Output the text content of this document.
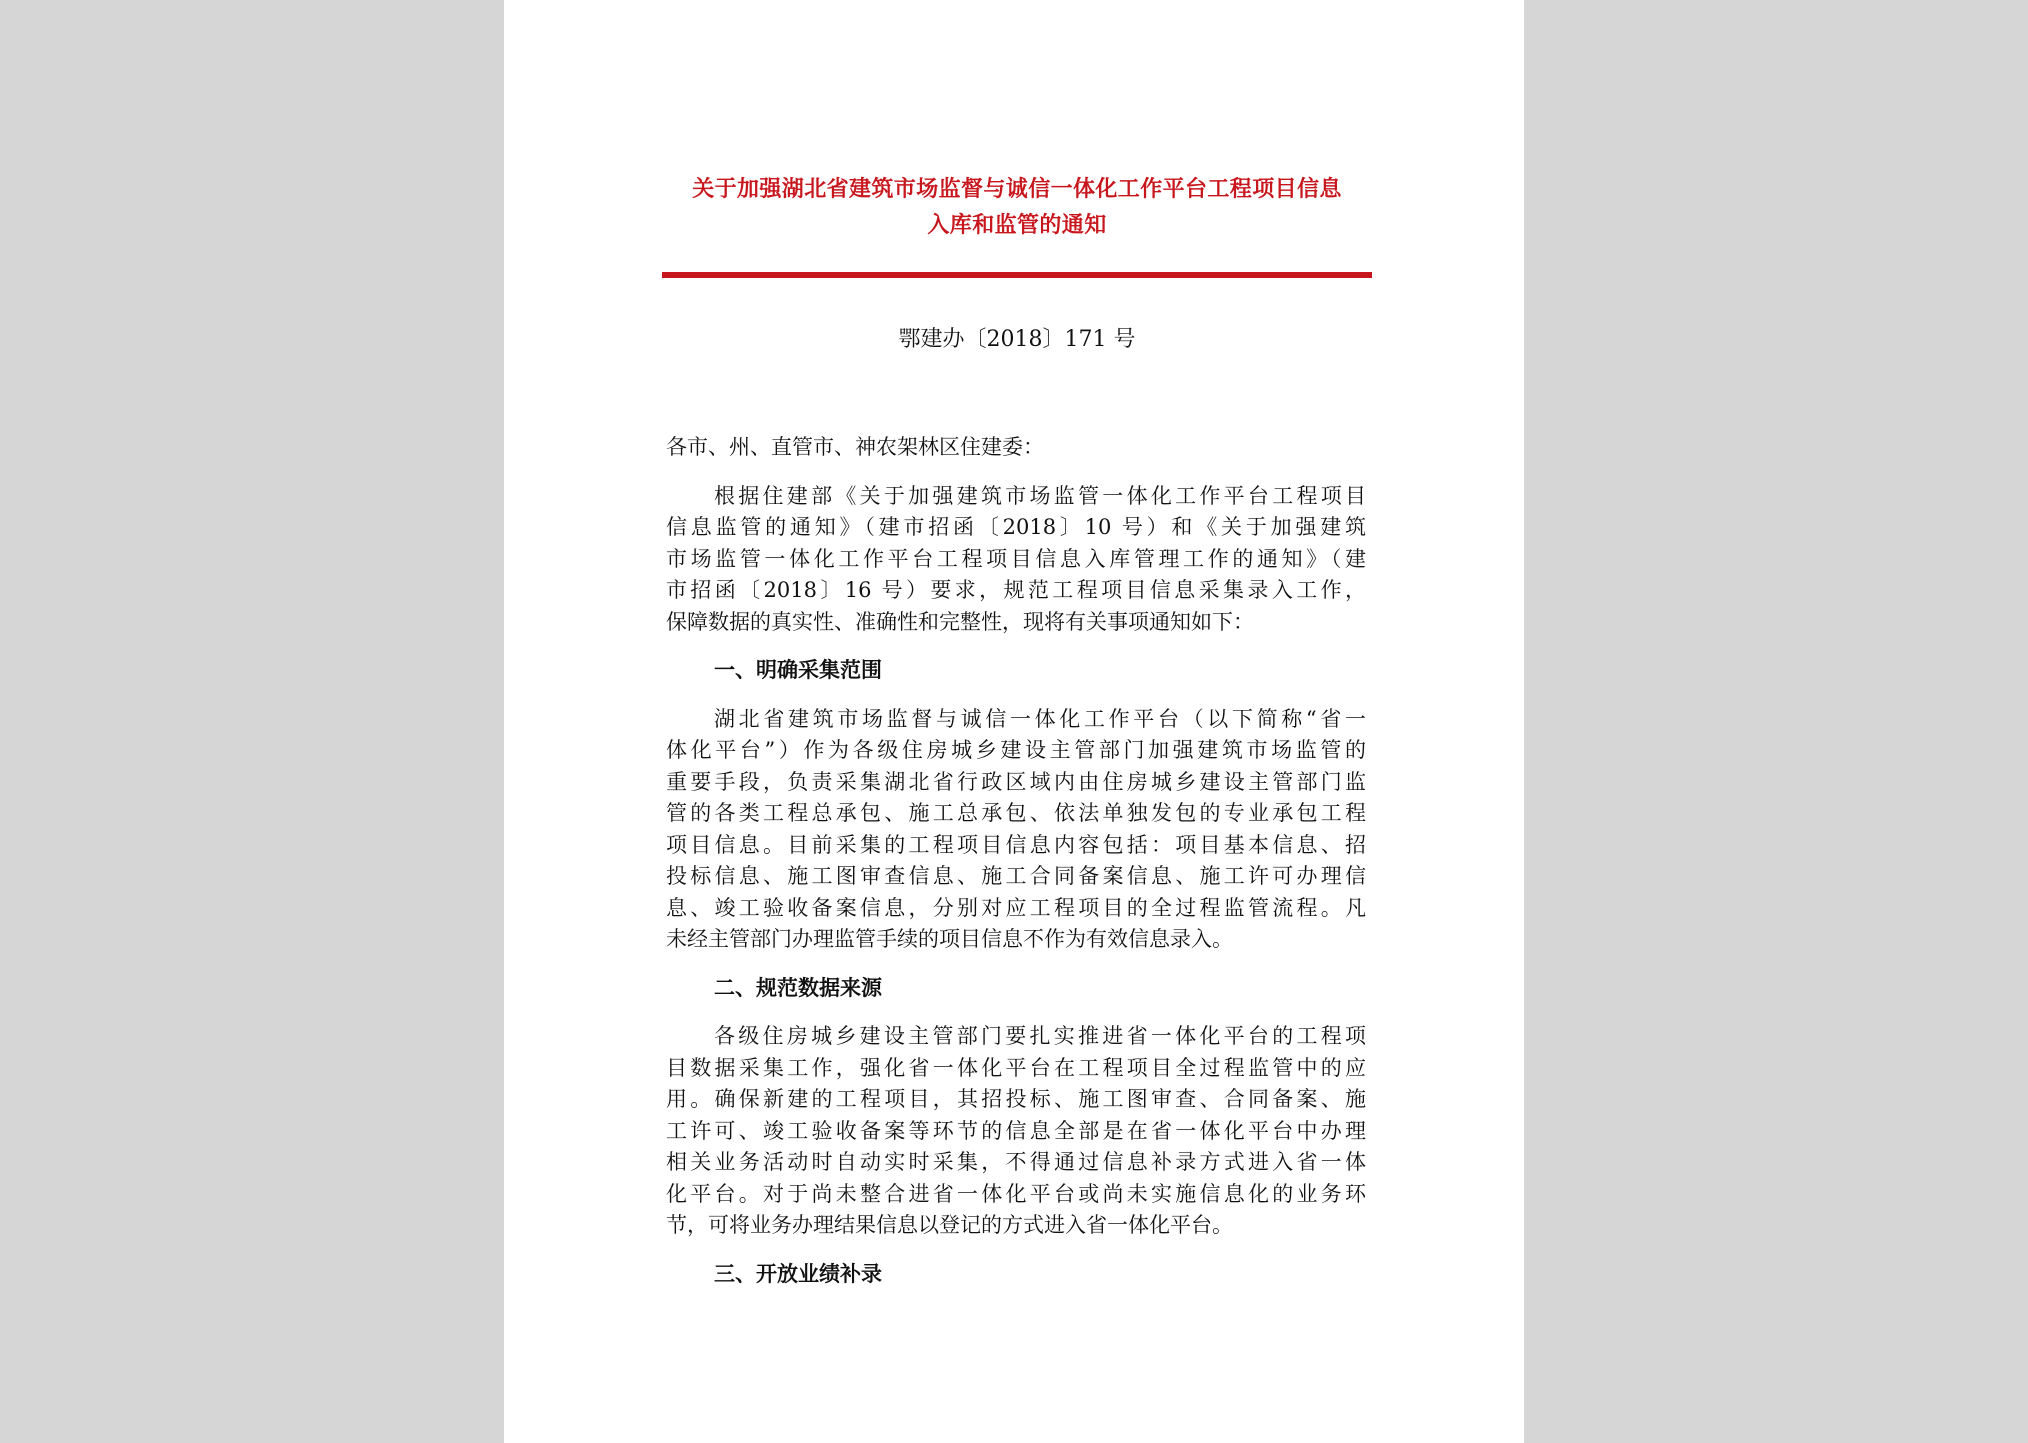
关于加强湖北省建筑市场监督与诚信一体化工作平台工程项目信息
入库和监管的通知
鄂建办〔2018〕171 号
各市、州、直管市、神农架林区住建委：
根据住建部《关于加强建筑市场监管一体化工作平台工程项目
信息监管的通知》（建市招函〔2018〕10 号）和《关于加强建筑
市场监管一体化工作平台工程项目信息入库管理工作的通知》（建
市招函〔2018〕16 号）要求，规范工程项目信息采集录入工作，
保障数据的真实性、准确性和完整性，现将有关事项通知如下：
一、明确采集范围
湖北省建筑市场监督与诚信一体化工作平台（以下简称“省一
体化平台”）作为各级住房城乡建设主管部门加强建筑市场监管的
重要手段，负责采集湖北省行政区域内由住房城乡建设主管部门监
管的各类工程总承包、施工总承包、依法单独发包的专业承包工程
项目信息。目前采集的工程项目信息内容包括：项目基本信息、招
投标信息、施工图审查信息、施工合同备案信息、施工许可办理信
息、竣工验收备案信息，分别对应工程项目的全过程监管流程。凡
未经主管部门办理监管手续的项目信息不作为有效信息录入。
二、规范数据来源
各级住房城乡建设主管部门要扎实推进省一体化平台的工程项
目数据采集工作，强化省一体化平台在工程项目全过程监管中的应
用。确保新建的工程项目，其招投标、施工图审查、合同备案、施
工许可、竣工验收备案等环节的信息全部是在省一体化平台中办理
相关业务活动时自动实时采集，不得通过信息补录方式进入省一体
化平台。对于尚未整合进省一体化平台或尚未实施信息化的业务环
节，可将业务办理结果信息以登记的方式进入省一体化平台。
三、开放业绩补录
